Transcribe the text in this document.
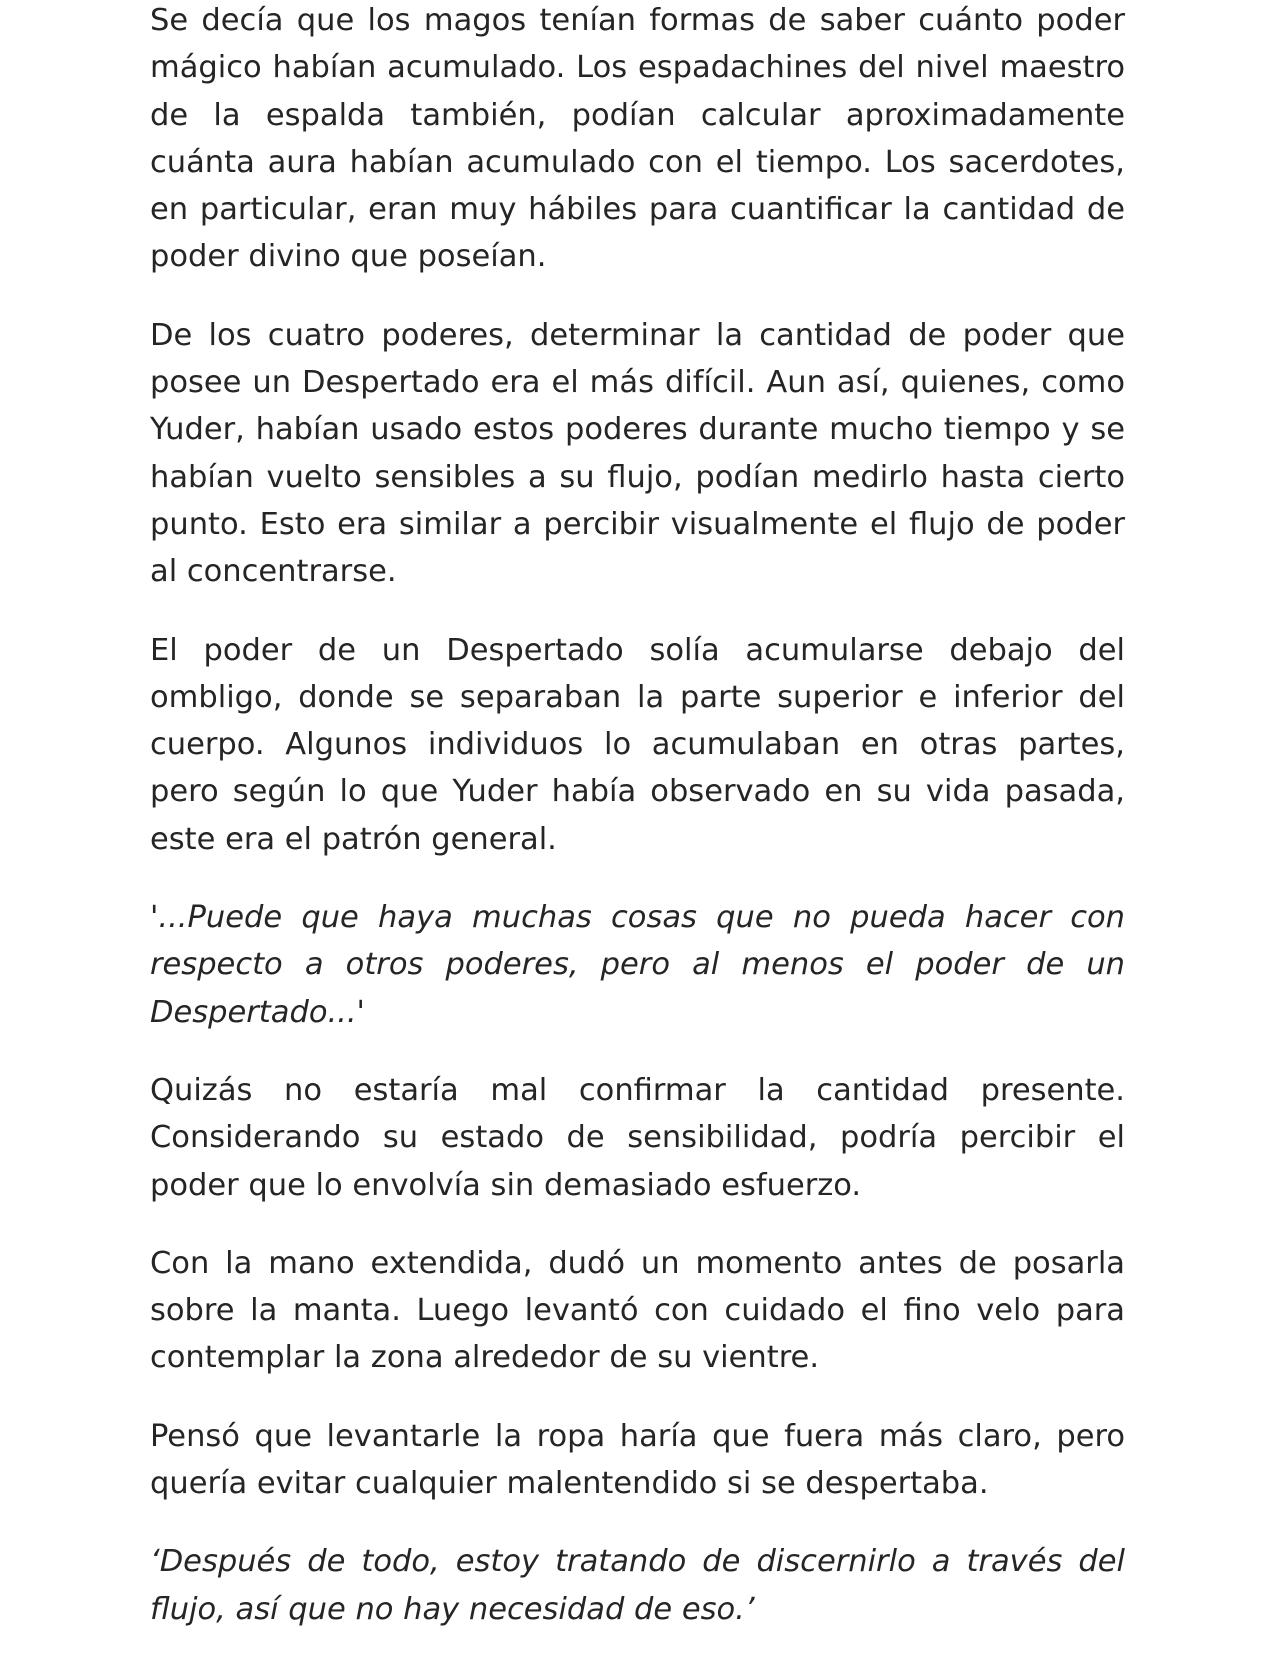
Se decía que los magos tenían formas de saber cuánto poder mágico habían acumulado. Los espadachines del nivel maestro de la espalda también, podían calcular aproximadamente cuánta aura habían acumulado con el tiempo. Los sacerdotes, en particular, eran muy hábiles para cuantificar la cantidad de poder divino que poseían.

De los cuatro poderes, determinar la cantidad de poder que posee un Despertado era el más difícil. Aun así, quienes, como Yuder, habían usado estos poderes durante mucho tiempo y se habían vuelto sensibles a su flujo, podían medirlo hasta cierto punto. Esto era similar a percibir visualmente el flujo de poder al concentrarse.

El poder de un Despertado solía acumularse debajo del ombligo, donde se separaban la parte superior e inferior del cuerpo. Algunos individuos lo acumulaban en otras partes, pero según lo que Yuder había observado en su vida pasada, este era el patrón general.

'...Puede que haya muchas cosas que no pueda hacer con respecto a otros poderes, pero al menos el poder de un Despertado...'

Quizás no estaría mal confirmar la cantidad presente. Considerando su estado de sensibilidad, podría percibir el poder que lo envolvía sin demasiado esfuerzo.

Con la mano extendida, dudó un momento antes de posarla sobre la manta. Luego levantó con cuidado el fino velo para contemplar la zona alrededor de su vientre.

Pensó que levantarle la ropa haría que fuera más claro, pero quería evitar cualquier malentendido si se despertaba.

‘Después de todo, estoy tratando de discernirlo a través del flujo, así que no hay necesidad de eso.’
